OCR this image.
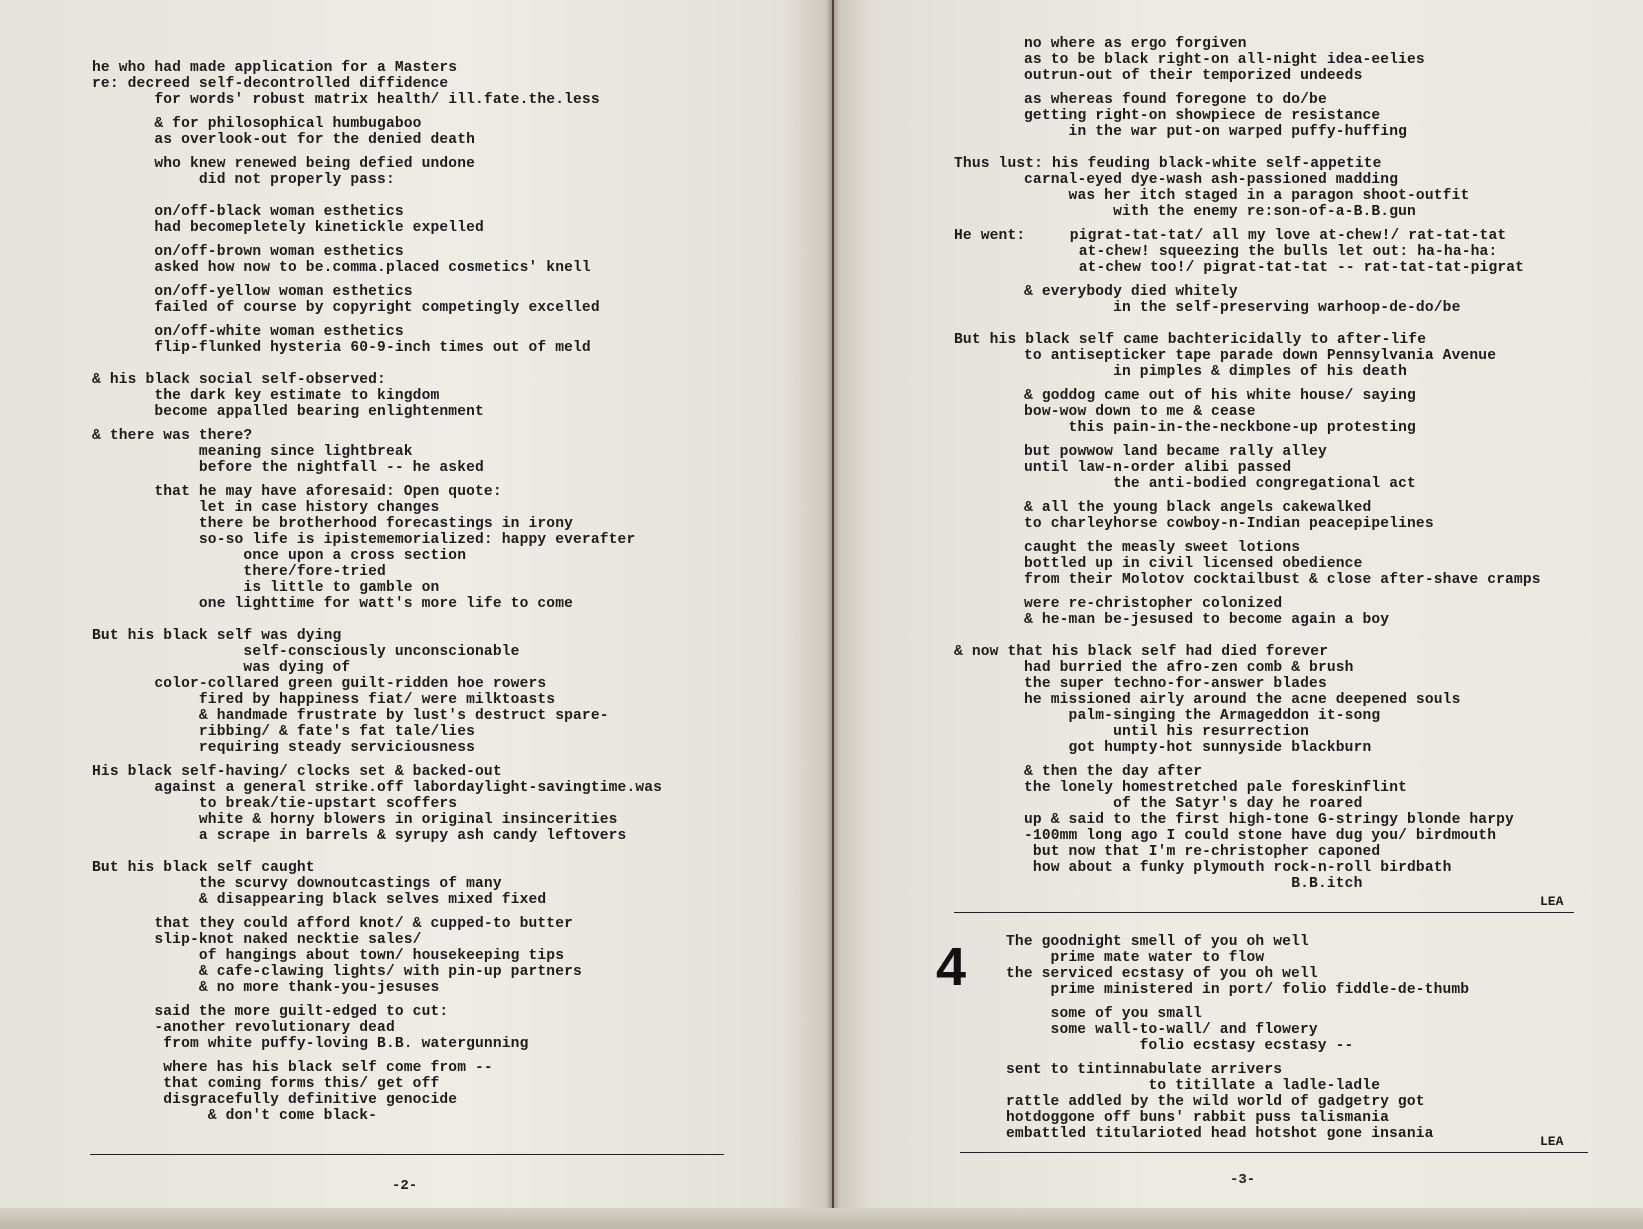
he who had made application for a Masters
re: decreed self-decontrolled diffidence
for words' robust matrix health/ ill.fate.the.less
& for philosophical humbugaboo
as overlook-out for the denied death
who knew renewed being defied undone
did not properly pass:
on/off-black woman esthetics
had becomepletely kinetickle expelled
on/off-brown woman esthetics
asked how now to be.comma.placed cosmetics' knell
on/off-yellow woman esthetics
failed of course by copyright competingly excelled
on/off-white woman esthetics
flip-flunked hysteria 60-9-inch times out of meld
& his black social self-observed:
the dark key estimate to kingdom
become appalled bearing enlightenment
& there was there?
meaning since lightbreak
before the nightfall -- he asked
that he may have aforesaid: Open quote:
let in case history changes
there be brotherhood forecastings in irony
so-so life is ipistememorialized: happy everafter
once upon a cross section
there/fore-tried
is little to gamble on
one lighttime for watt's more life to come
But his black self was dying
self-consciously unconscionable
was dying of
color-collared green guilt-ridden hoe rowers
fired by happiness fiat/ were milktoasts
& handmade frustrate by lust's destruct spare-
ribbing/ & fate's fat tale/lies
requiring steady serviciousness
His black self-having/ clocks set & backed-out
against a general strike.off labordaylight-savingtime.was
to break/tie-upstart scoffers
white & horny blowers in original insincerities
a scrape in barrels & syrupy ash candy leftovers
But his black self caught
the scurvy downoutcastings of many
& disappearing black selves mixed fixed
that they could afford knot/ & cupped-to butter
slip-knot naked necktie sales/
of hangings about town/ housekeeping tips
& cafe-clawing lights/ with pin-up partners
& no more thank-you-jesuses
said the more guilt-edged to cut:
-another revolutionary dead
from white puffy-loving B.B. watergunning
where has his black self come from --
that coming forms this/ get off
disgracefully definitive genocide
& don't come black-
-2-
no where as ergo forgiven
as to be black right-on all-night idea-eelies
outrun-out of their temporized undeeds
as whereas found foregone to do/be
getting right-on showpiece de resistance
in the war put-on warped puffy-huffing
Thus lust: his feuding black-white self-appetite
carnal-eyed dye-wash ash-passioned madding
was her itch staged in a paragon shoot-outfit
with the enemy re:son-of-a-B.B.gun
He went:     pigrat-tat-tat/ all my love at-chew!/ rat-tat-tat
at-chew! squeezing the bulls let out: ha-ha-ha:
at-chew too!/ pigrat-tat-tat -- rat-tat-tat-pigrat
& everybody died whitely
in the self-preserving warhoop-de-do/be
But his black self came bachtericidally to after-life
to antisepticker tape parade down Pennsylvania Avenue
in pimples & dimples of his death
& goddog came out of his white house/ saying
bow-wow down to me & cease
this pain-in-the-neckbone-up protesting
but powwow land became rally alley
until law-n-order alibi passed
the anti-bodied congregational act
& all the young black angels cakewalked
to charleyhorse cowboy-n-Indian peacepipelines
caught the measly sweet lotions
bottled up in civil licensed obedience
from their Molotov cocktailbust & close after-shave cramps
were re-christopher colonized
& he-man be-jesused to become again a boy
& now that his black self had died forever
had burried the afro-zen comb & brush
the super techno-for-answer blades
he missioned airly around the acne deepened souls
palm-singing the Armageddon it-song
until his resurrection
got humpty-hot sunnyside blackburn
& then the day after
the lonely homestretched pale foreskinflint
of the Satyr's day he roared
up & said to the first high-tone G-stringy blonde harpy
-100mm long ago I could stone have dug you/ birdmouth
but now that I'm re-christopher caponed
how about a funky plymouth rock-n-roll birdbath
B.B.itch
LEA
4	The goodnight smell of you oh well
prime mate water to flow
the serviced ecstasy of you oh well
prime ministered in port/ folio fiddle-de-thumb
some of you small
some wall-to-wall/ and flowery
folio ecstasy ecstasy --
sent to tintinnabulate arrivers
to titillate a ladle-ladle
rattle addled by the wild world of gadgetry got
hotdoggone off buns' rabbit puss talismania
embattled titularioted head hotshot gone insania	LEA
-3-
